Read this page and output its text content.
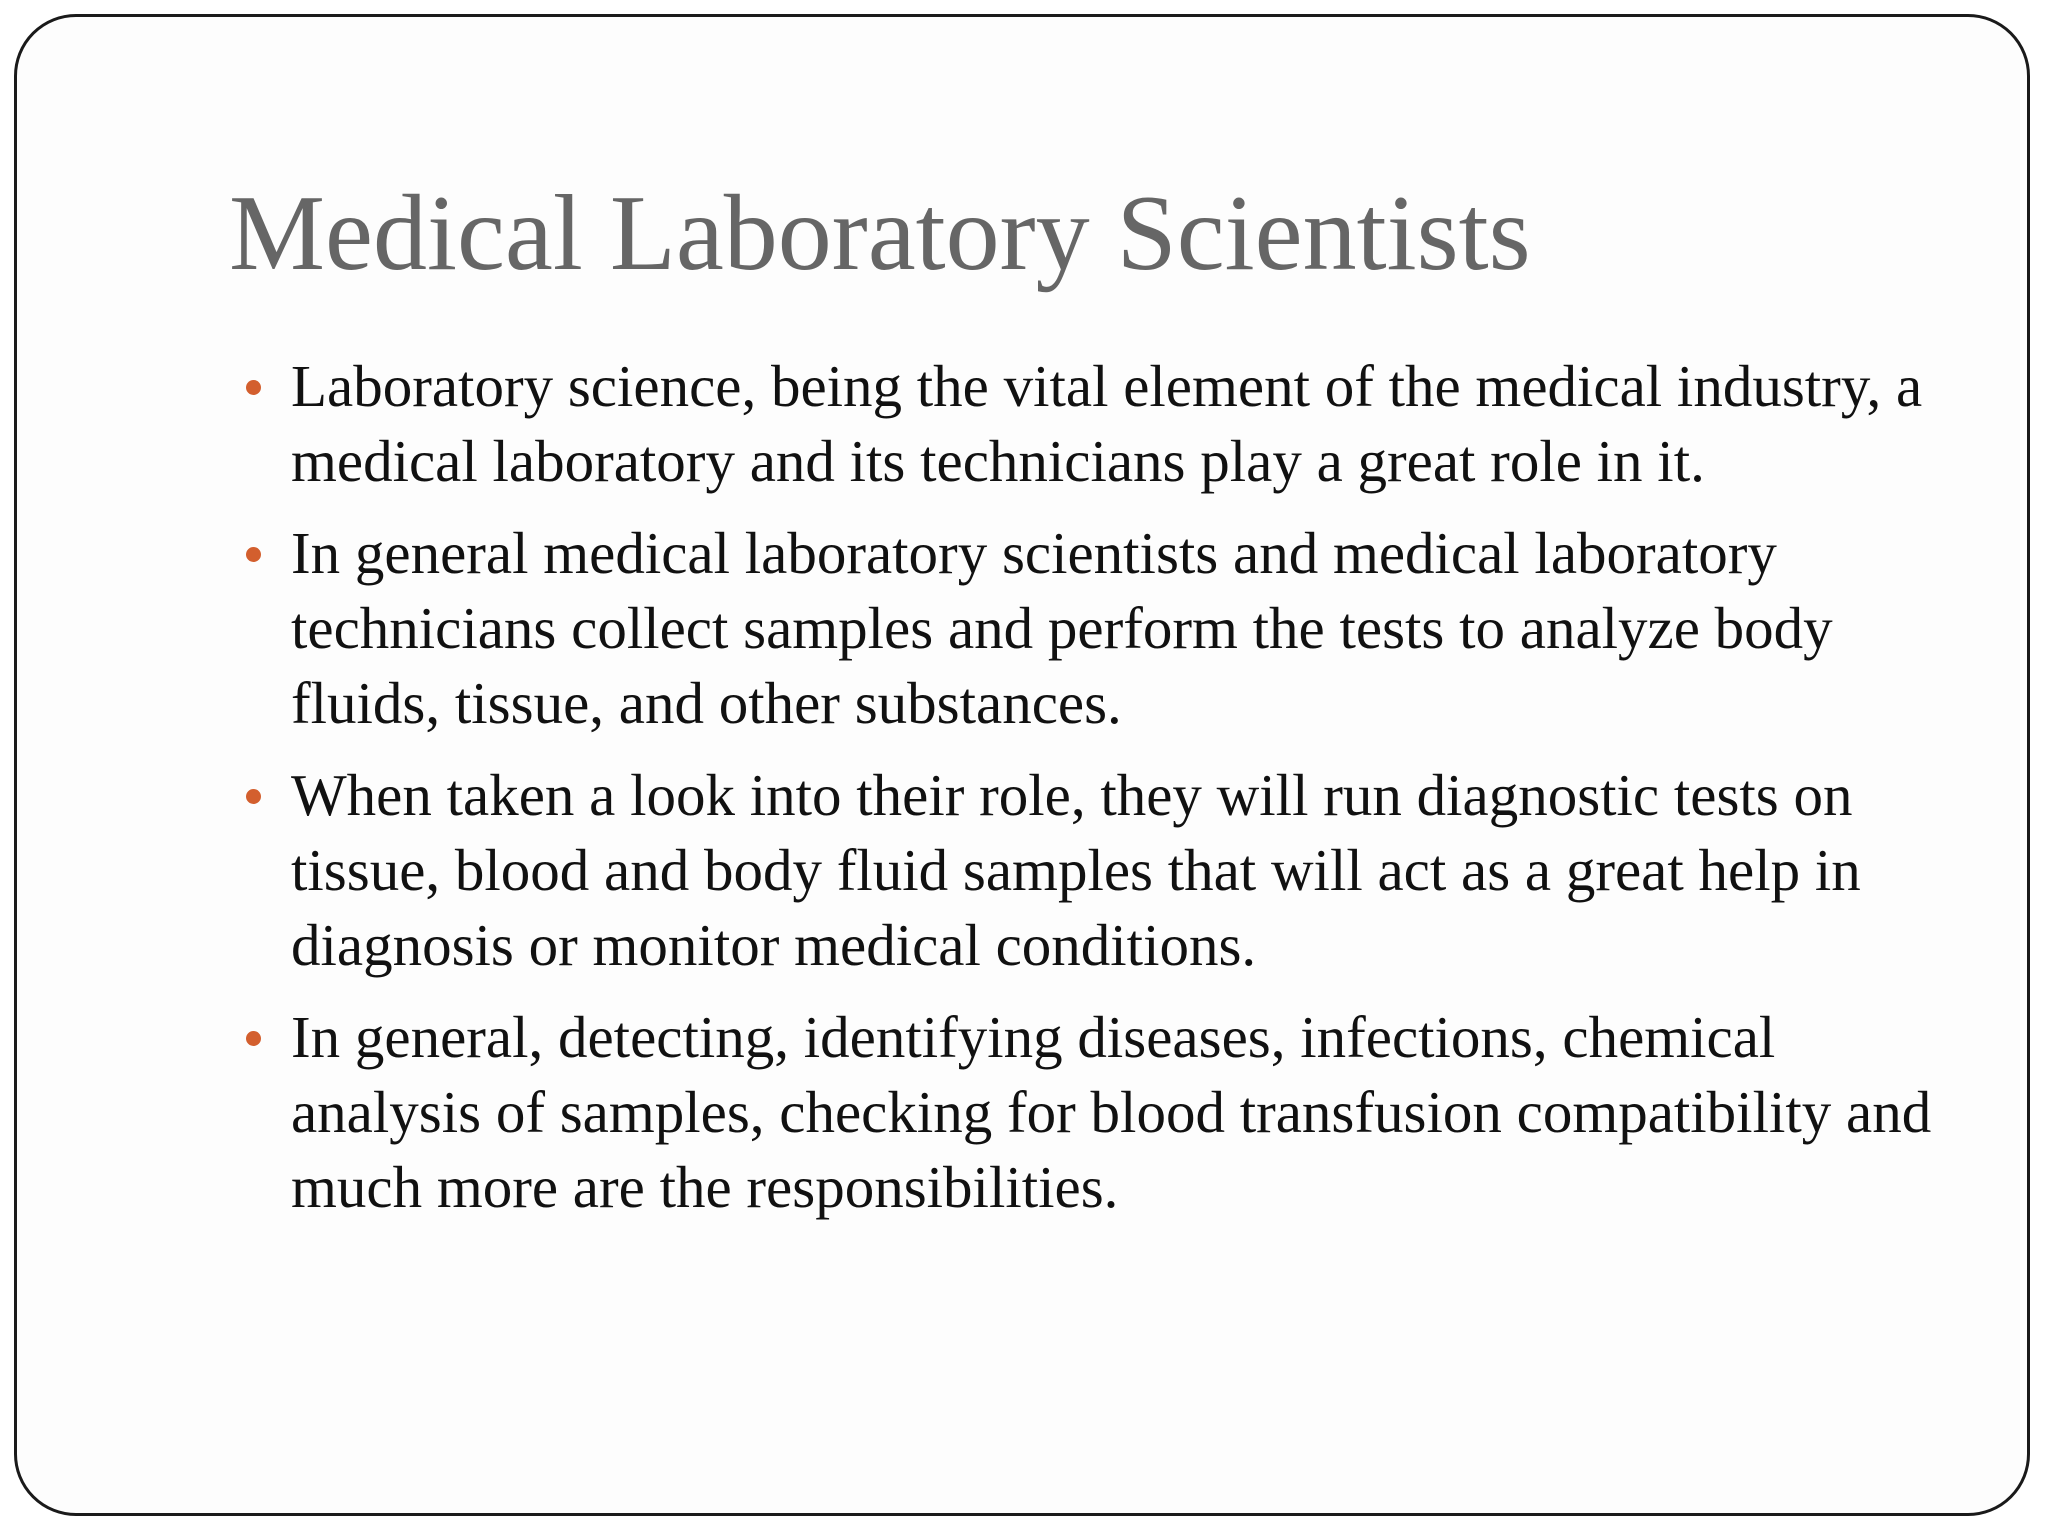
Medical Laboratory Scientists
Laboratory science, being the vital element of the medical industry, a medical laboratory and its technicians play a great role in it.
In general medical laboratory scientists and medical laboratory technicians collect samples and perform the tests to analyze body fluids, tissue, and other substances.
When taken a look into their role, they will run diagnostic tests on tissue, blood and body fluid samples that will act as a great help in diagnosis or monitor medical conditions.
In general, detecting, identifying diseases, infections, chemical analysis of samples, checking for blood transfusion compatibility and much more are the responsibilities.
